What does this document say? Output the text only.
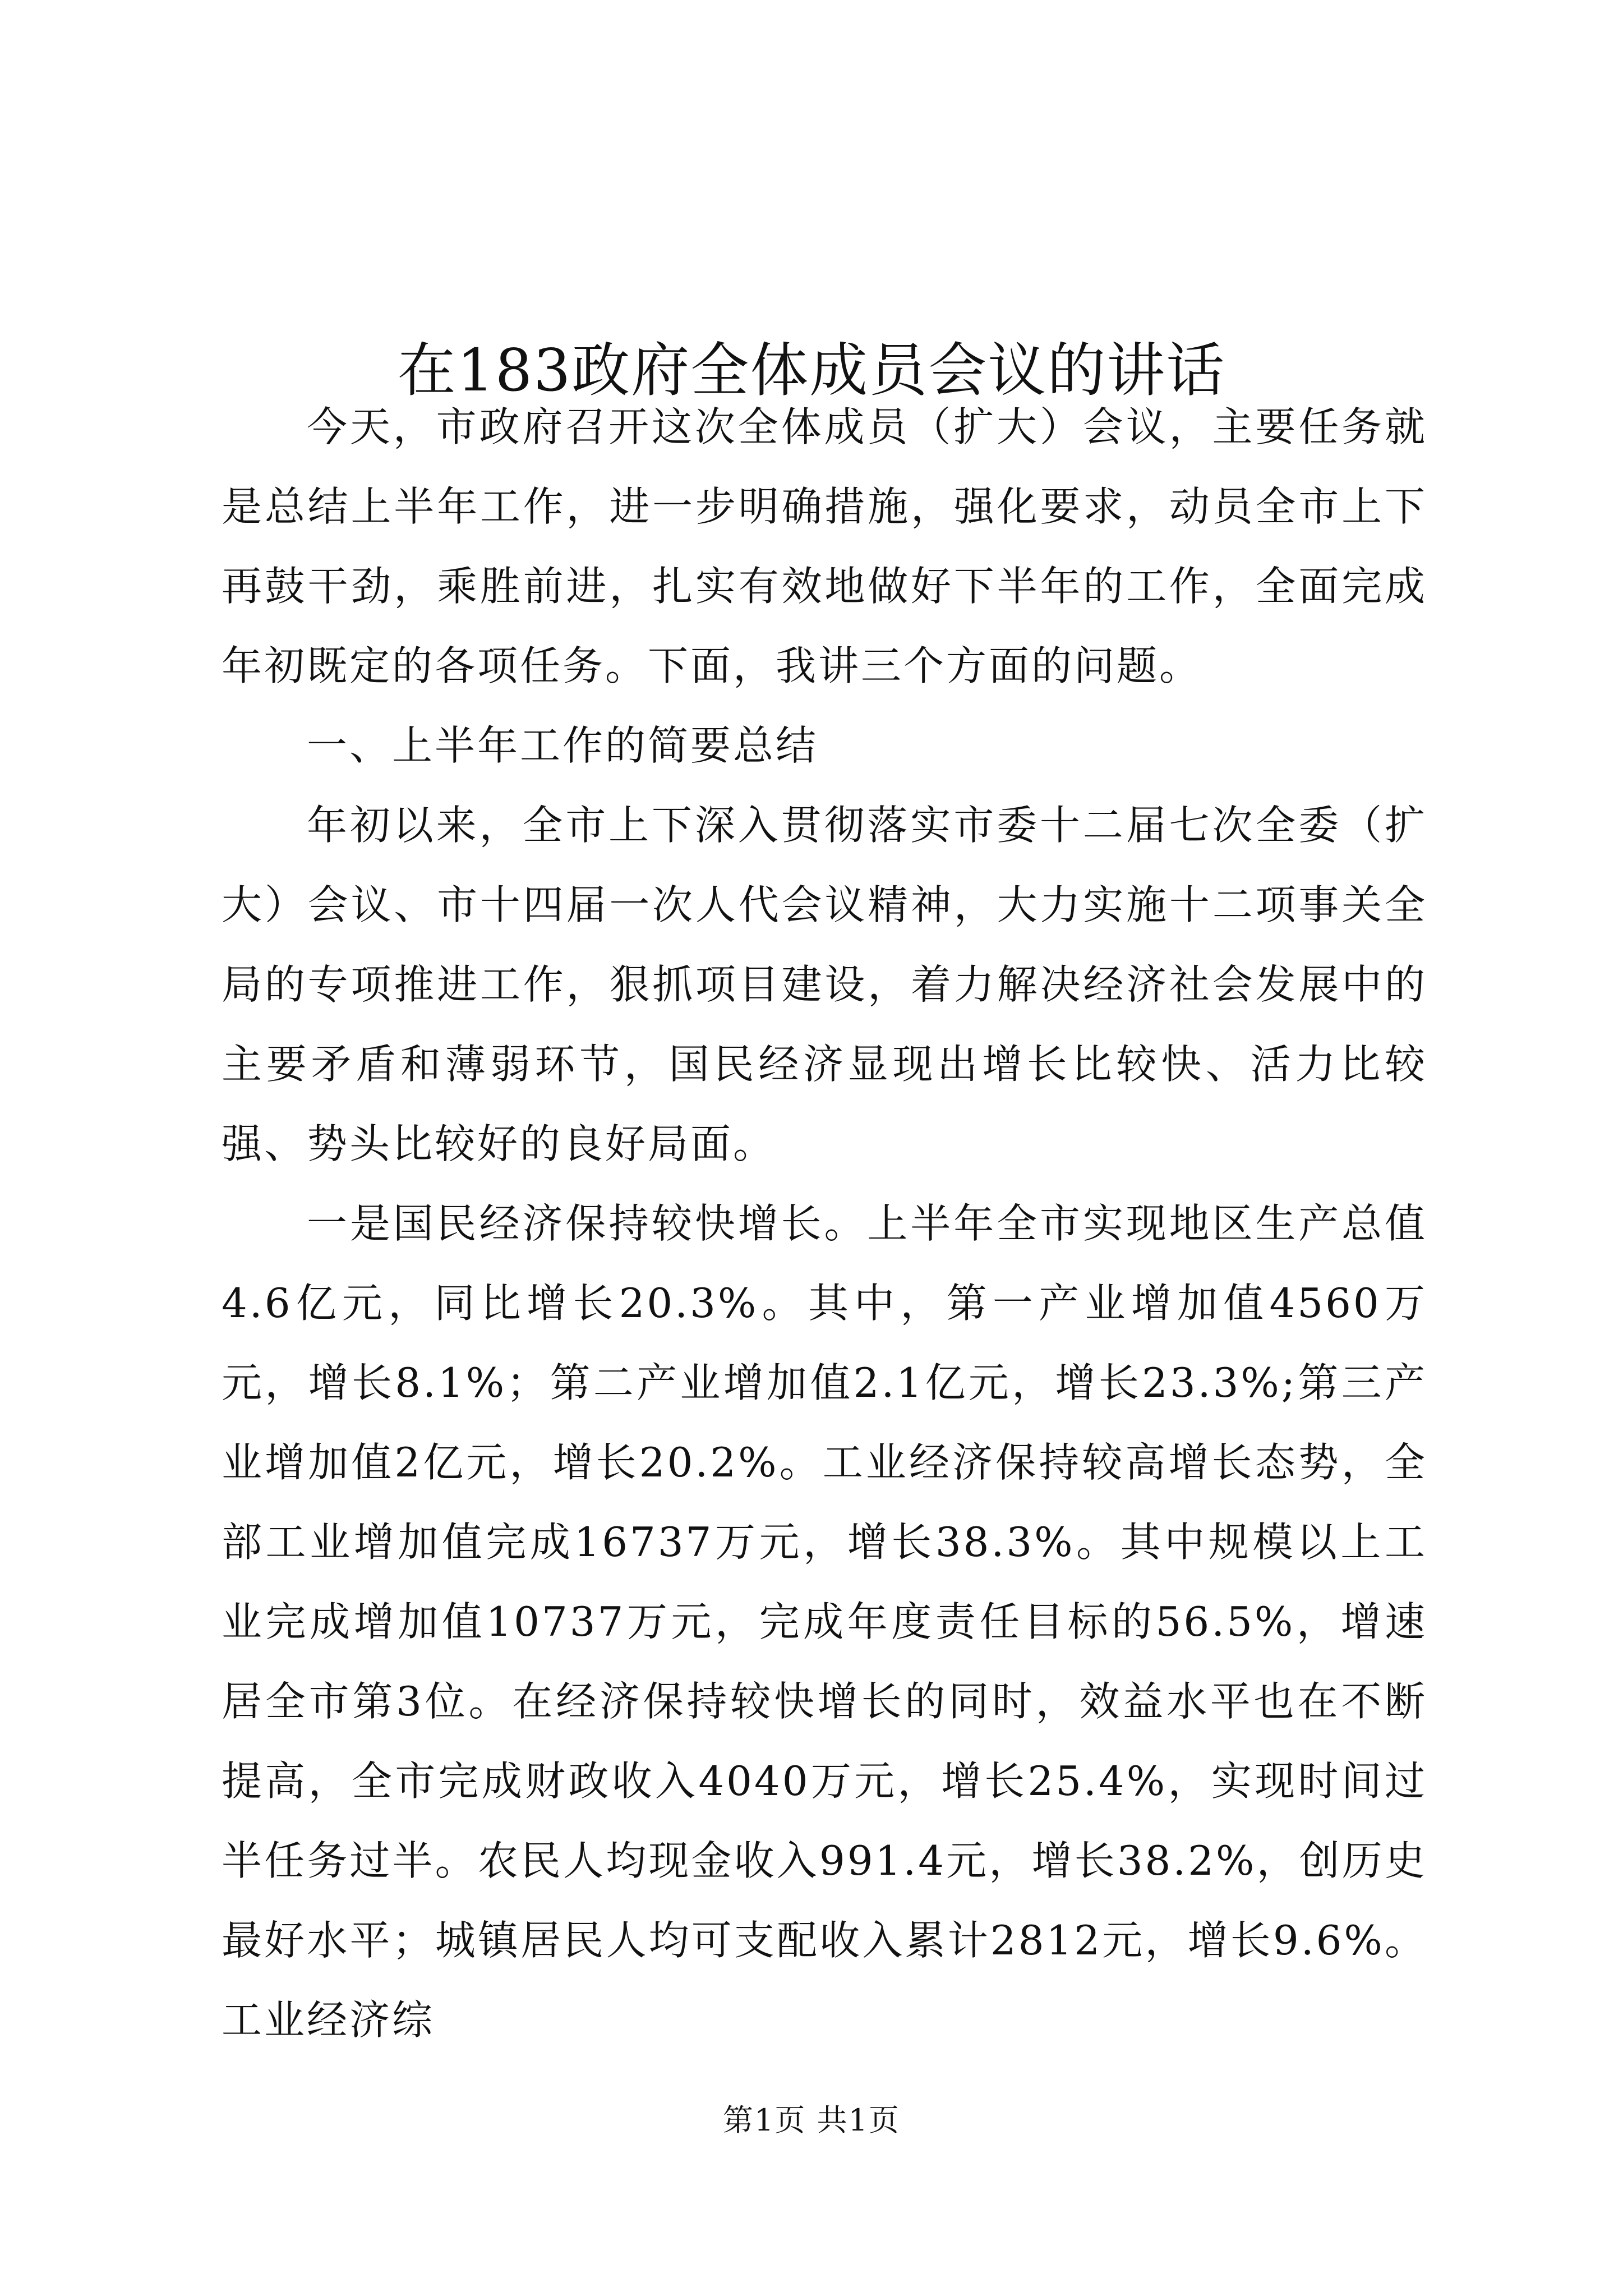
在183政府全体成员会议的讲话

今天，市政府召开这次全体成员（扩大）会议，主要任务就是总结上半年工作，进一步明确措施，强化要求，动员全市上下再鼓干劲，乘胜前进，扎实有效地做好下半年的工作，全面完成年初既定的各项任务。下面，我讲三个方面的问题。

一、上半年工作的简要总结

年初以来，全市上下深入贯彻落实市委十二届七次全委（扩大）会议、市十四届一次人代会议精神，大力实施十二项事关全局的专项推进工作，狠抓项目建设，着力解决经济社会发展中的主要矛盾和薄弱环节，国民经济显现出增长比较快、活力比较强、势头比较好的良好局面。

一是国民经济保持较快增长。上半年全市实现地区生产总值4.6亿元，同比增长20.3%。其中，第一产业增加值4560万元，增长8.1%；第二产业增加值2.1亿元，增长23.3%;第三产业增加值2亿元，增长20.2%。工业经济保持较高增长态势，全部工业增加值完成16737万元，增长38.3%。其中规模以上工业完成增加值10737万元，完成年度责任目标的56.5%，增速居全市第3位。在经济保持较快增长的同时，效益水平也在不断提高，全市完成财政收入4040万元，增长25.4%，实现时间过半任务过半。农民人均现金收入991.4元，增长38.2%，创历史最好水平；城镇居民人均可支配收入累计2812元，增长9.6%。工业经济综

第1页 共1页
